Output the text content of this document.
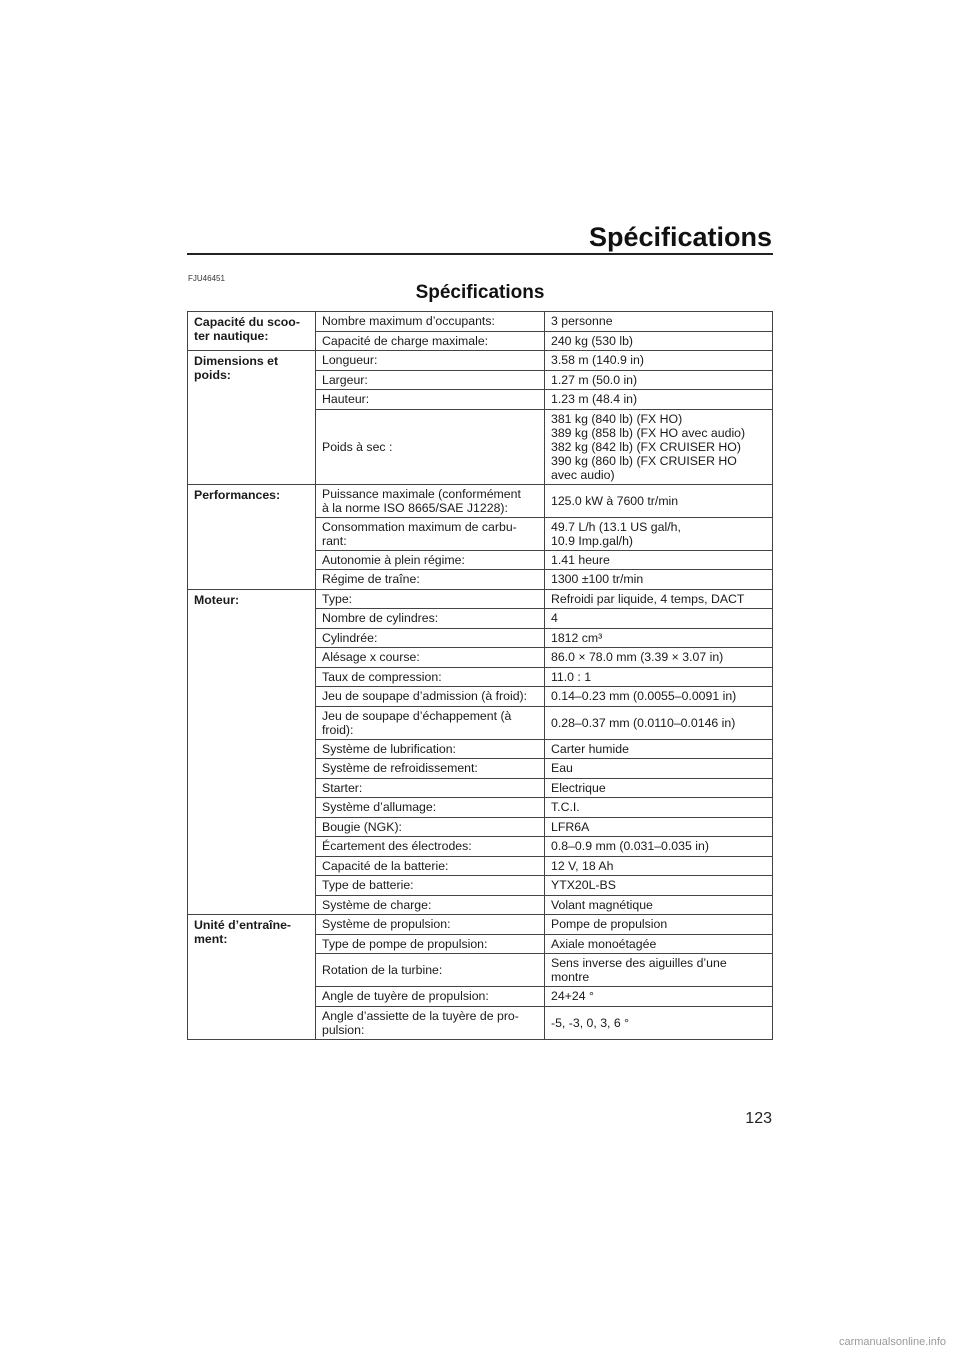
Spécifications
FJU46451
Spécifications
Capacité du scoo-
ter nautique:	Nombre maximum d’occupants:	3 personne
	Capacité de charge maximale:	240 kg (530 lb)
Dimensions et
poids:	Longueur:	3.58 m (140.9 in)
	Largeur:	1.27 m (50.0 in)
	Hauteur:	1.23 m (48.4 in)
	Poids à sec :	381 kg (840 lb) (FX HO)
389 kg (858 lb) (FX HO avec audio)
382 kg (842 lb) (FX CRUISER HO)
390 kg (860 lb) (FX CRUISER HO
avec audio)
Performances:	Puissance maximale (conformément
à la norme ISO 8665/SAE J1228):	125.0 kW à 7600 tr/min
	Consommation maximum de carbu-
rant:	49.7 L/h (13.1 US gal/h,
10.9 Imp.gal/h)
	Autonomie à plein régime:	1.41 heure
	Régime de traîne:	1300 ±100 tr/min
Moteur:	Type:	Refroidi par liquide, 4 temps, DACT
	Nombre de cylindres:	4
	Cylindrée:	1812 cm³
	Alésage x course:	86.0 × 78.0 mm (3.39 × 3.07 in)
	Taux de compression:	11.0 : 1
	Jeu de soupape d’admission (à froid):	0.14–0.23 mm (0.0055–0.0091 in)
	Jeu de soupape d’échappement (à
froid):	0.28–0.37 mm (0.0110–0.0146 in)
	Système de lubrification:	Carter humide
	Système de refroidissement:	Eau
	Starter:	Electrique
	Système d’allumage:	T.C.I.
	Bougie (NGK):	LFR6A
	Écartement des électrodes:	0.8–0.9 mm (0.031–0.035 in)
	Capacité de la batterie:	12 V, 18 Ah
	Type de batterie:	YTX20L-BS
	Système de charge:	Volant magnétique
Unité d’entraîne-
ment:	Système de propulsion:	Pompe de propulsion
	Type de pompe de propulsion:	Axiale monoétagée
	Rotation de la turbine:	Sens inverse des aiguilles d’une
montre
	Angle de tuyère de propulsion:	24+24 °
	Angle d’assiette de la tuyère de pro-
pulsion:	-5, -3, 0, 3, 6 °
123
carmanualsonline.info
